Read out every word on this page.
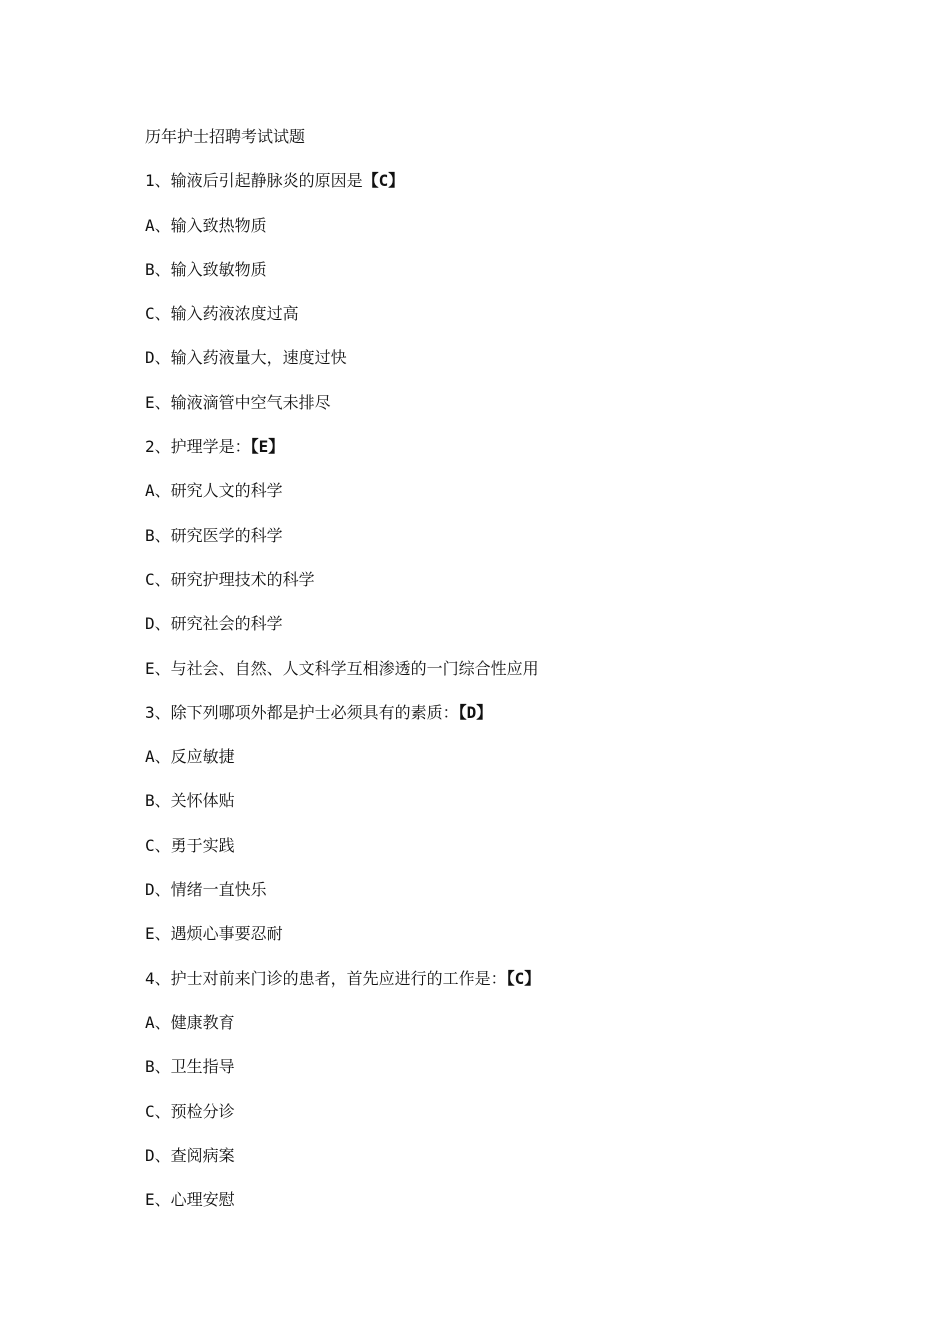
历年护士招聘考试试题
1、输液后引起静脉炎的原因是【C】
A、输入致热物质
B、输入致敏物质
C、输入药液浓度过高
D、输入药液量大，速度过快
E、输液滴管中空气未排尽
2、护理学是：【E】
A、研究人文的科学
B、研究医学的科学
C、研究护理技术的科学
D、研究社会的科学
E、与社会、自然、人文科学互相渗透的一门综合性应用
3、除下列哪项外都是护士必须具有的素质：【D】
A、反应敏捷
B、关怀体贴
C、勇于实践
D、情绪一直快乐
E、遇烦心事要忍耐
4、护士对前来门诊的患者，首先应进行的工作是：【C】
A、健康教育
B、卫生指导
C、预检分诊
D、查阅病案
E、心理安慰
